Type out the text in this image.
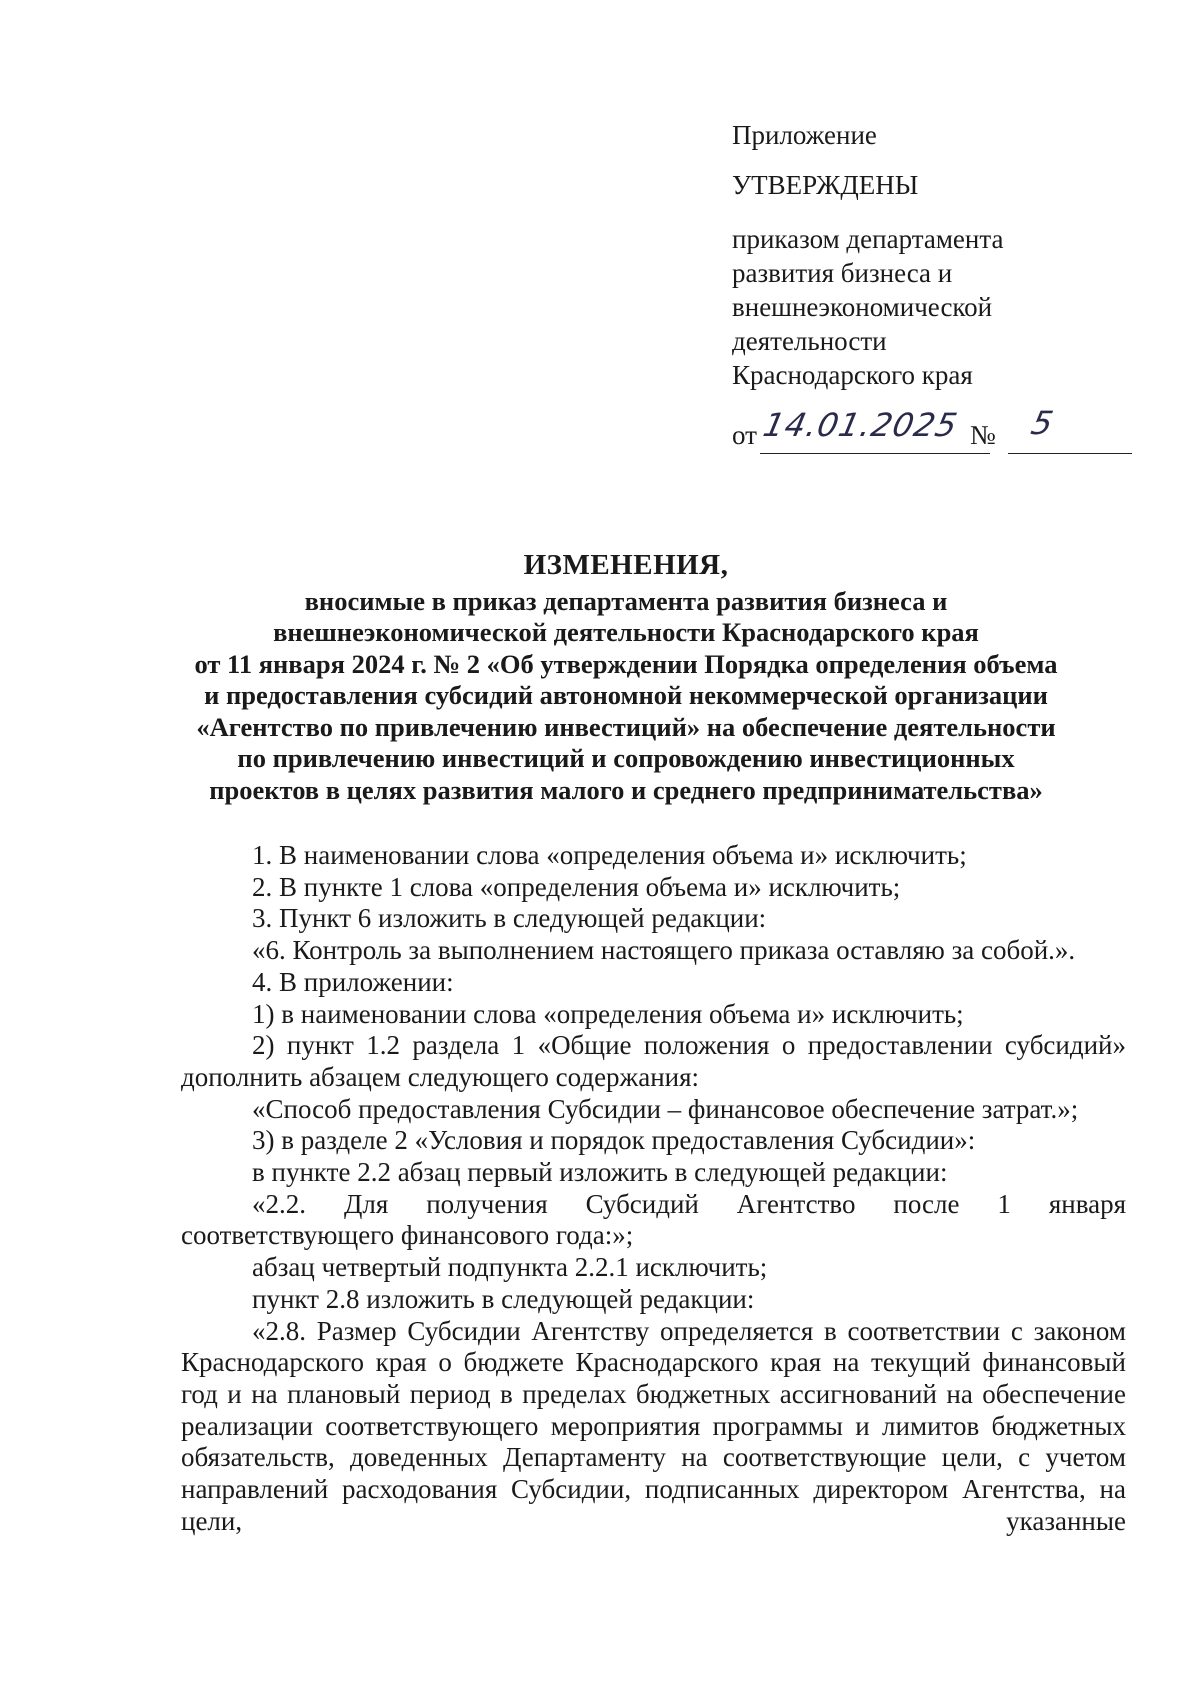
Приложение
УТВЕРЖДЕНЫ
приказом департамента
развития бизнеса и
внешнеэкономической
деятельности
Краснодарского края
от 14.01.2025 № 5
ИЗМЕНЕНИЯ,
вносимые в приказ департамента развития бизнеса и
внешнеэкономической деятельности Краснодарского края
от 11 января 2024 г. № 2 «Об утверждении Порядка определения объема
и предоставления субсидий автономной некоммерческой организации
«Агентство по привлечению инвестиций» на обеспечение деятельности
по привлечению инвестиций и сопровождению инвестиционных
проектов в целях развития малого и среднего предпринимательства»
1. В наименовании слова «определения объема и» исключить;
2. В пункте 1 слова «определения объема и» исключить;
3. Пункт 6 изложить в следующей редакции:
«6. Контроль за выполнением настоящего приказа оставляю за собой.».
4. В приложении:
1) в наименовании слова «определения объема и» исключить;
2) пункт 1.2 раздела 1 «Общие положения о предоставлении субсидий» дополнить абзацем следующего содержания:
«Способ предоставления Субсидии – финансовое обеспечение затрат.»;
3) в разделе 2 «Условия и порядок предоставления Субсидии»:
в пункте 2.2 абзац первый изложить в следующей редакции:
«2.2. Для получения Субсидий Агентство после 1 января соответствующего финансового года:»;
абзац четвертый подпункта 2.2.1 исключить;
пункт 2.8 изложить в следующей редакции:
«2.8. Размер Субсидии Агентству определяется в соответствии с законом Краснодарского края о бюджете Краснодарского края на текущий финансовый год и на плановый период в пределах бюджетных ассигнований на обеспечение реализации соответствующего мероприятия программы и лимитов бюджетных обязательств, доведенных Департаменту на соответствующие цели, с учетом направлений расходования Субсидии, подписанных директором Агентства, на цели, указанные
